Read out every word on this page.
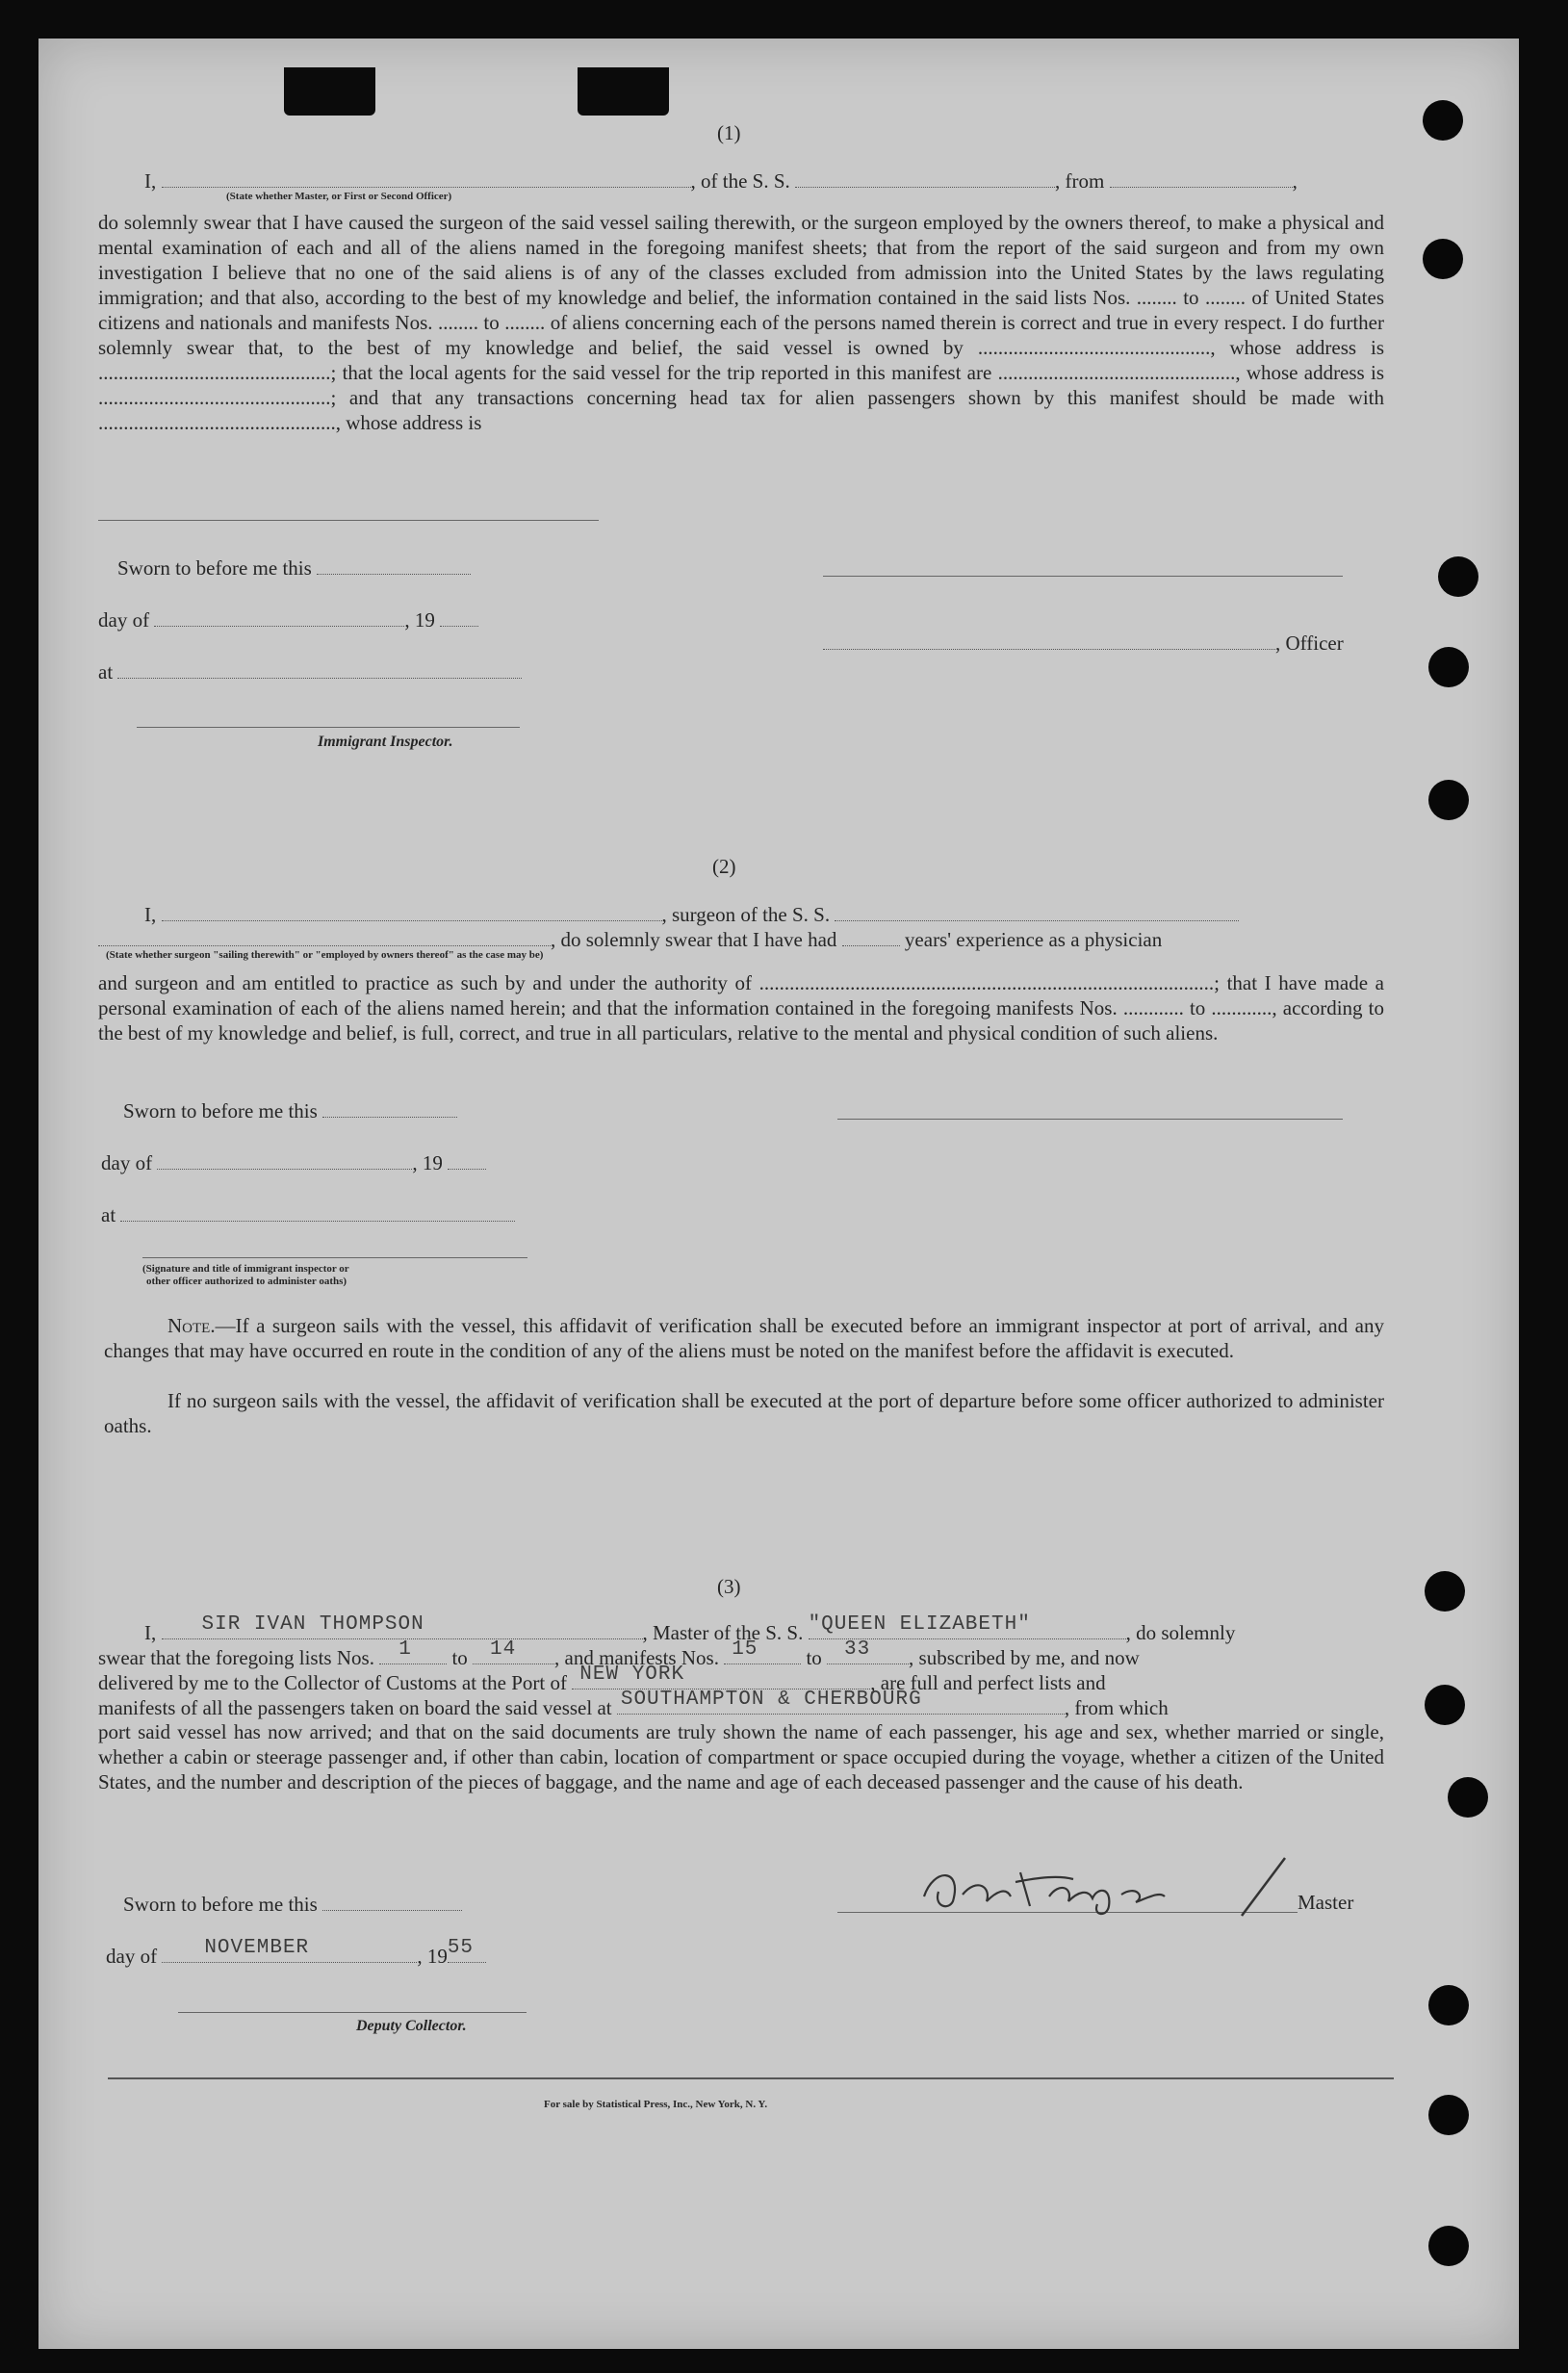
(1)
I,	, of the S. S.	, from	,
(State whether Master, or First or Second Officer)

do solemnly swear that I have caused the surgeon of the said vessel sailing therewith, or the surgeon employed by the owners thereof, to make a physical and mental examination of each and all of the aliens named in the foregoing manifest sheets; that from the report of the said surgeon and from my own investigation I believe that no one of the said aliens is of any of the classes excluded from admission into the United States by the laws regulating immigration; and that also, according to the best of my knowledge and belief, the information contained in the said lists Nos. ........ to ........ of United States citizens and nationals and manifests Nos. ........ to ........ of aliens concerning each of the persons named therein is correct and true in every respect. I do further solemnly swear that, to the best of my knowledge and belief, the said vessel is owned by .............................................., whose address is ..............................................; that the local agents for the said vessel for the trip reported in this manifest are ..............................................., whose address is ..............................................; and that any transactions concerning head tax for alien passengers shown by this manifest should be made with ..............................................., whose address is

Sworn to before me this
day of	, 19
at
Immigrant Inspector.
, Officer
(2)
I,	, surgeon of the S. S.
, do solemnly swear that I have had	years' experience as a physician
(State whether surgeon "sailing therewith" or "employed by owners thereof" as the case may be)

and surgeon and am entitled to practice as such by and under the authority of ..........................................................................................; that I have made a personal examination of each of the aliens named herein; and that the information contained in the foregoing manifests Nos. ............ to ............, according to the best of my knowledge and belief, is full, correct, and true in all particulars, relative to the mental and physical condition of such aliens.

Sworn to before me this
day of	, 19
at
(Signature and title of immigrant inspector or
other officer authorized to administer oaths)

Note.—If a surgeon sails with the vessel, this affidavit of verification shall be executed before an immigrant inspector at port of arrival, and any changes that may have occurred en route in the condition of any of the aliens must be noted on the manifest before the affidavit is executed.

If no surgeon sails with the vessel, the affidavit of verification shall be executed at the port of departure before some officer authorized to administer oaths.

(3)
I, SIR IVAN THOMPSON	, Master of the S. S. "QUEEN ELIZABETH"	, do solemnly
swear that the foregoing lists Nos. 1 to 14 , and manifests Nos. 15 to 33 , subscribed by me, and now
delivered by me to the Collector of Customs at the Port of NEW YORK	, are full and perfect lists and
manifests of all the passengers taken on board the said vessel at SOUTHAMPTON & CHERBOURG	, from which

port said vessel has now arrived; and that on the said documents are truly shown the name of each passenger, his age and sex, whether married or single, whether a cabin or steerage passenger and, if other than cabin, location of compartment or space occupied during the voyage, whether a citizen of the United States, and the number and description of the pieces of baggage, and the name and age of each deceased passenger and the cause of his death.

Sworn to before me this	Master
day of NOVEMBER	, 19 55
Deputy Collector.
For sale by Statistical Press, Inc., New York, N. Y.
